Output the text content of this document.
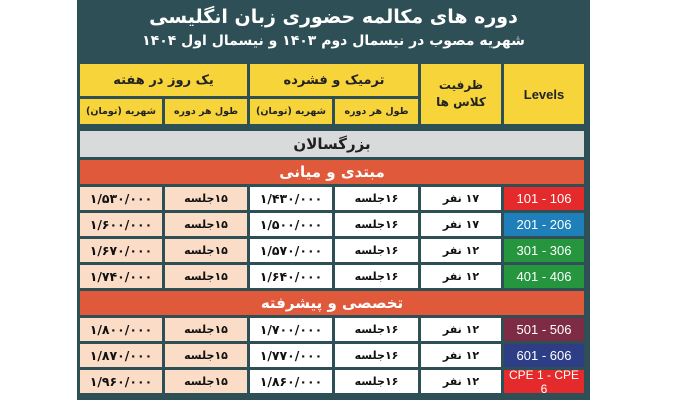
دوره های مکالمه حضوری زبان انگلیسی
شهریه مصوب در نیسمال دوم ۱۴۰۳ و نیسمال اول ۱۴۰۴
Levels
ظرفیت کلاس ها
ترمیک و فشرده
یک روز در هفته
طول هر دوره
شهریه (تومان)
طول هر دوره
شهریه (تومان)
بزرگسالان
مبتدی و میانی
101 - 106
۱۷ نفر
۱۶جلسه
۱/۴۳۰/۰۰۰
۱۵جلسه
۱/۵۳۰/۰۰۰
201 - 206
۱۷ نفر
۱۶جلسه
۱/۵۰۰/۰۰۰
۱۵جلسه
۱/۶۰۰/۰۰۰
301 - 306
۱۲ نفر
۱۶جلسه
۱/۵۷۰/۰۰۰
۱۵جلسه
۱/۶۷۰/۰۰۰
401 - 406
۱۲ نفر
۱۶جلسه
۱/۶۴۰/۰۰۰
۱۵جلسه
۱/۷۴۰/۰۰۰
تخصصی و پیشرفته
501 - 506
۱۲ نفر
۱۶جلسه
۱/۷۰۰/۰۰۰
۱۵جلسه
۱/۸۰۰/۰۰۰
601 - 606
۱۲ نفر
۱۶جلسه
۱/۷۷۰/۰۰۰
۱۵جلسه
۱/۸۷۰/۰۰۰
CPE 1 - CPE 6
۱۲ نفر
۱۶جلسه
۱/۸۶۰/۰۰۰
۱۵جلسه
۱/۹۶۰/۰۰۰
